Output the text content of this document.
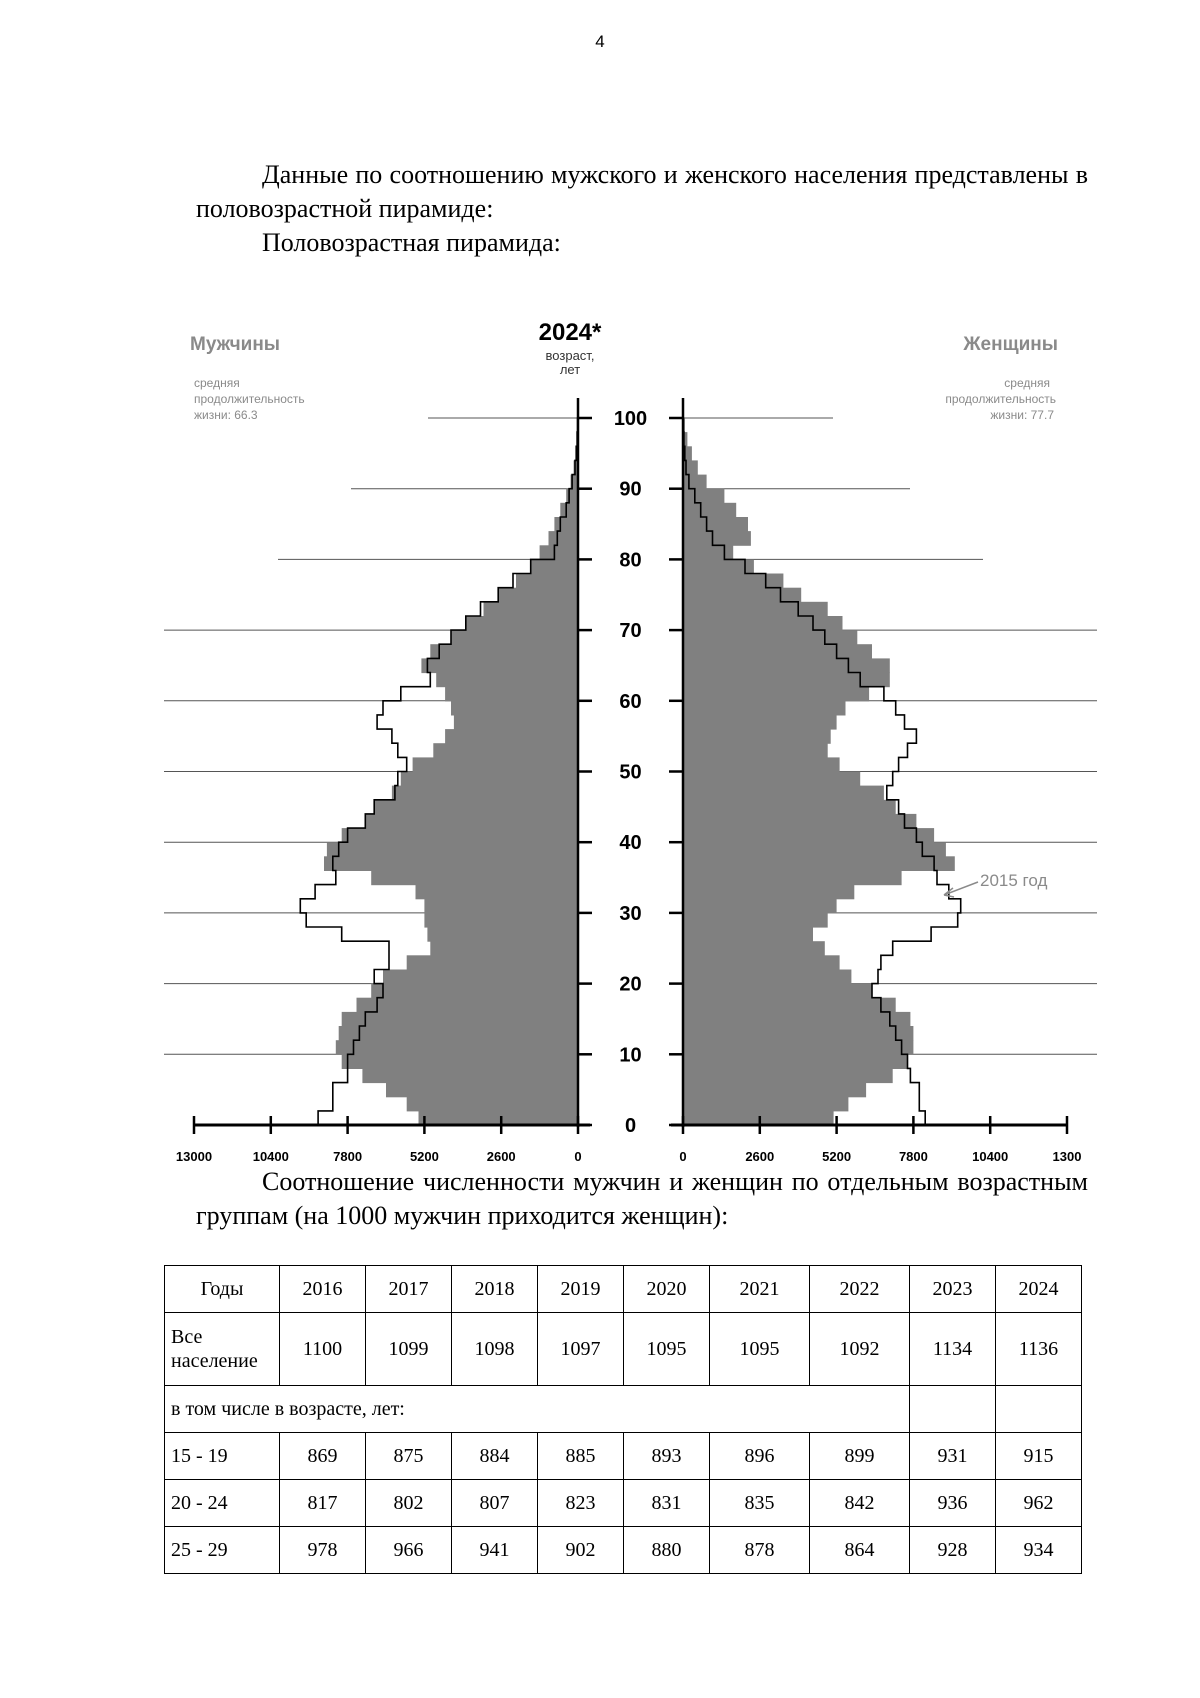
4

Данные по соотношению мужского и женского населения представлены в половозрастной пирамиде:

Половозрастная пирамида:

0
10
20
30
40
50
60
70
80
90
100
13000	10400	7800	5200	2600	0	0	2600	5200	7800	10400	1300
2024*
возраст,
лет
Мужчины
средняя
продолжительность
жизни: 66.3
Женщины
средняя
продолжительность
жизни: 77.7
2015 год

Соотношение численности мужчин и женщин по отдельным возрастным группам (на 1000 мужчин приходится женщин):

Годы	2016	2017	2018	2019	2020	2021	2022	2023	2024
Все
население	1100	1099	1098	1097	1095	1095	1092	1134	1136
в том числе в возрасте, лет:									
15 - 19	869	875	884	885	893	896	899	931	915
20 - 24	817	802	807	823	831	835	842	936	962
25 - 29	978	966	941	902	880	878	864	928	934
